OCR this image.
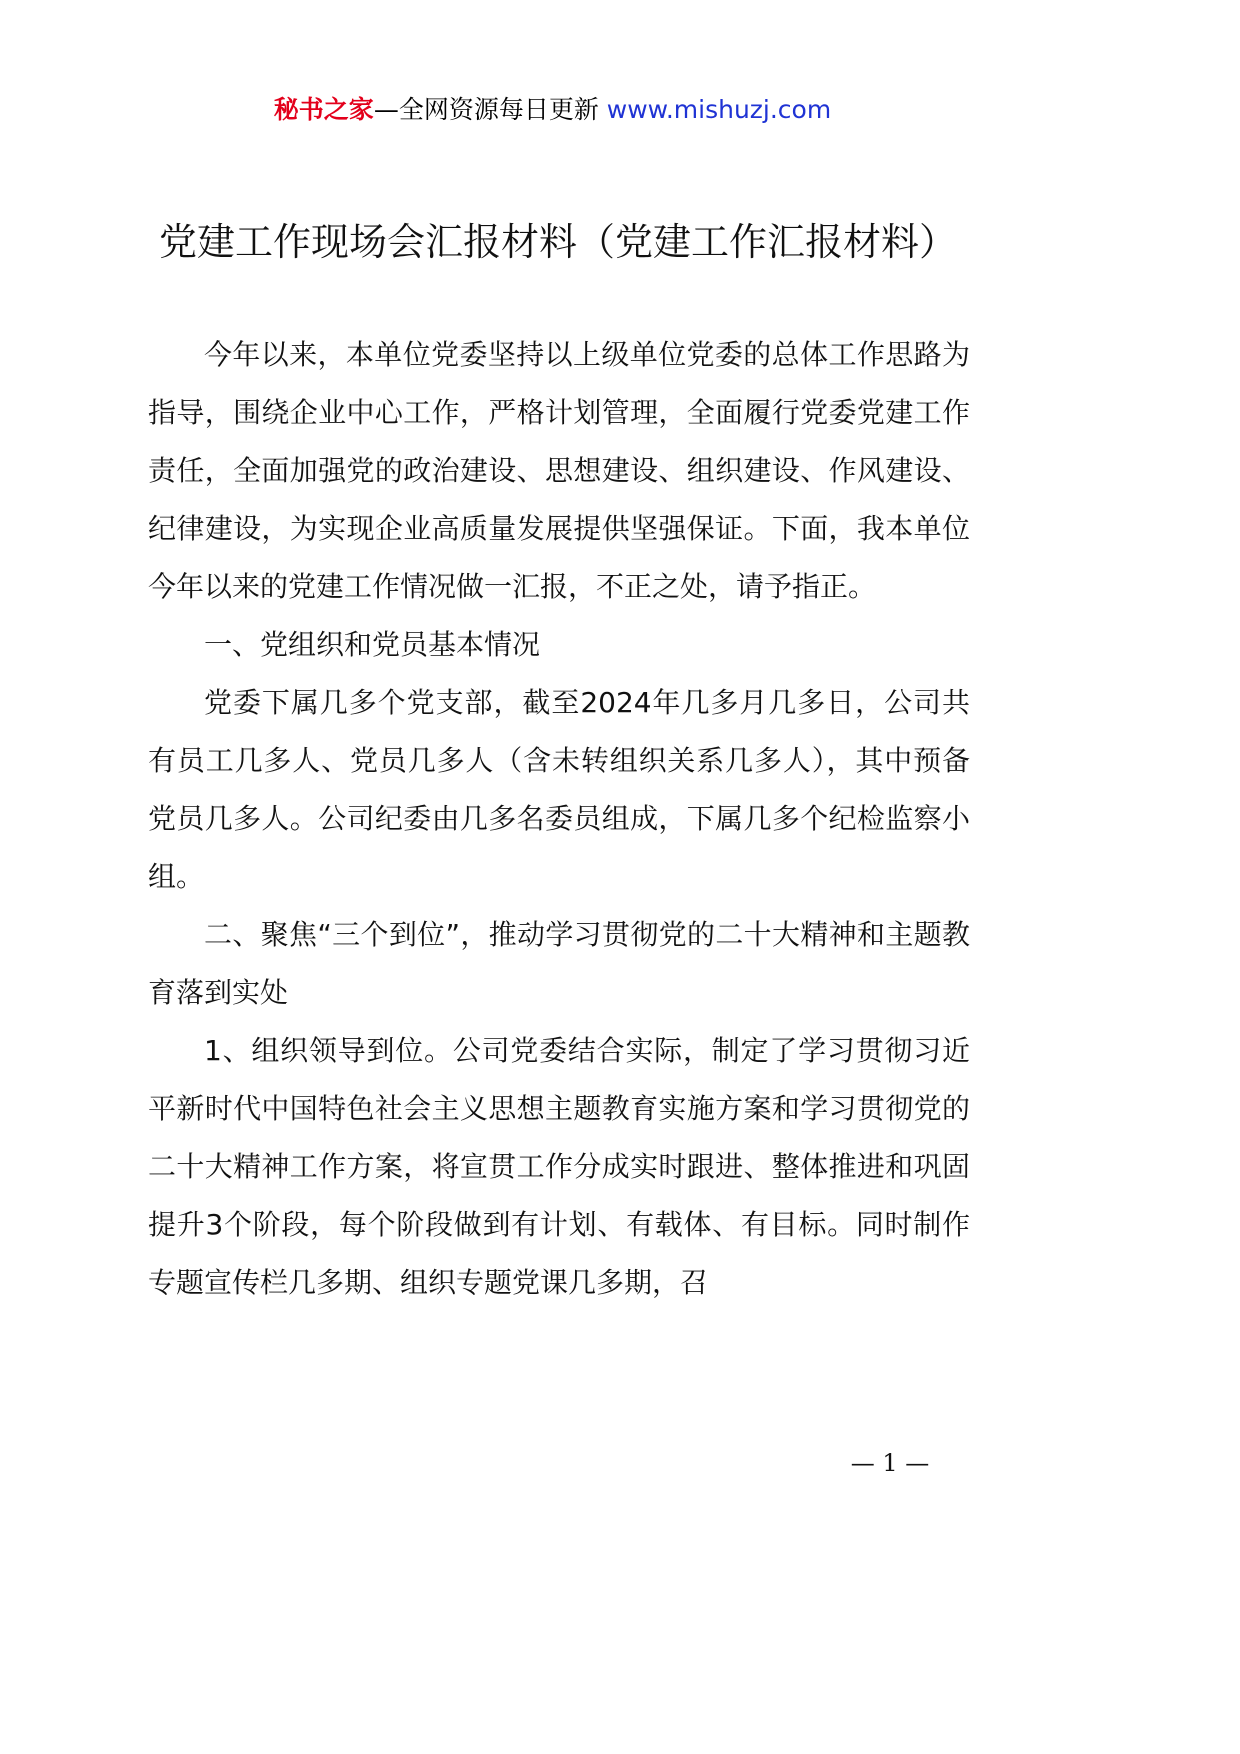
秘书之家—全网资源每日更新 www.mishuzj.com
党建工作现场会汇报材料（党建工作汇报材料）

今年以来，本单位党委坚持以上级单位党委的总体工作思路为指导，围绕企业中心工作，严格计划管理，全面履行党委党建工作责任，全面加强党的政治建设、思想建设、组织建设、作风建设、纪律建设，为实现企业高质量发展提供坚强保证。下面，我本单位今年以来的党建工作情况做一汇报，不正之处，请予指正。

一、党组织和党员基本情况

党委下属几多个党支部，截至2024年几多月几多日，公司共有员工几多人、党员几多人（含未转组织关系几多人），其中预备党员几多人。公司纪委由几多名委员组成，下属几多个纪检监察小组。

二、聚焦“三个到位”，推动学习贯彻党的二十大精神和主题教育落到实处

1、组织领导到位。公司党委结合实际，制定了学习贯彻习近平新时代中国特色社会主义思想主题教育实施方案和学习贯彻党的二十大精神工作方案，将宣贯工作分成实时跟进、整体推进和巩固提升3个阶段，每个阶段做到有计划、有载体、有目标。同时制作专题宣传栏几多期、组织专题党课几多期，召

— 1 —
